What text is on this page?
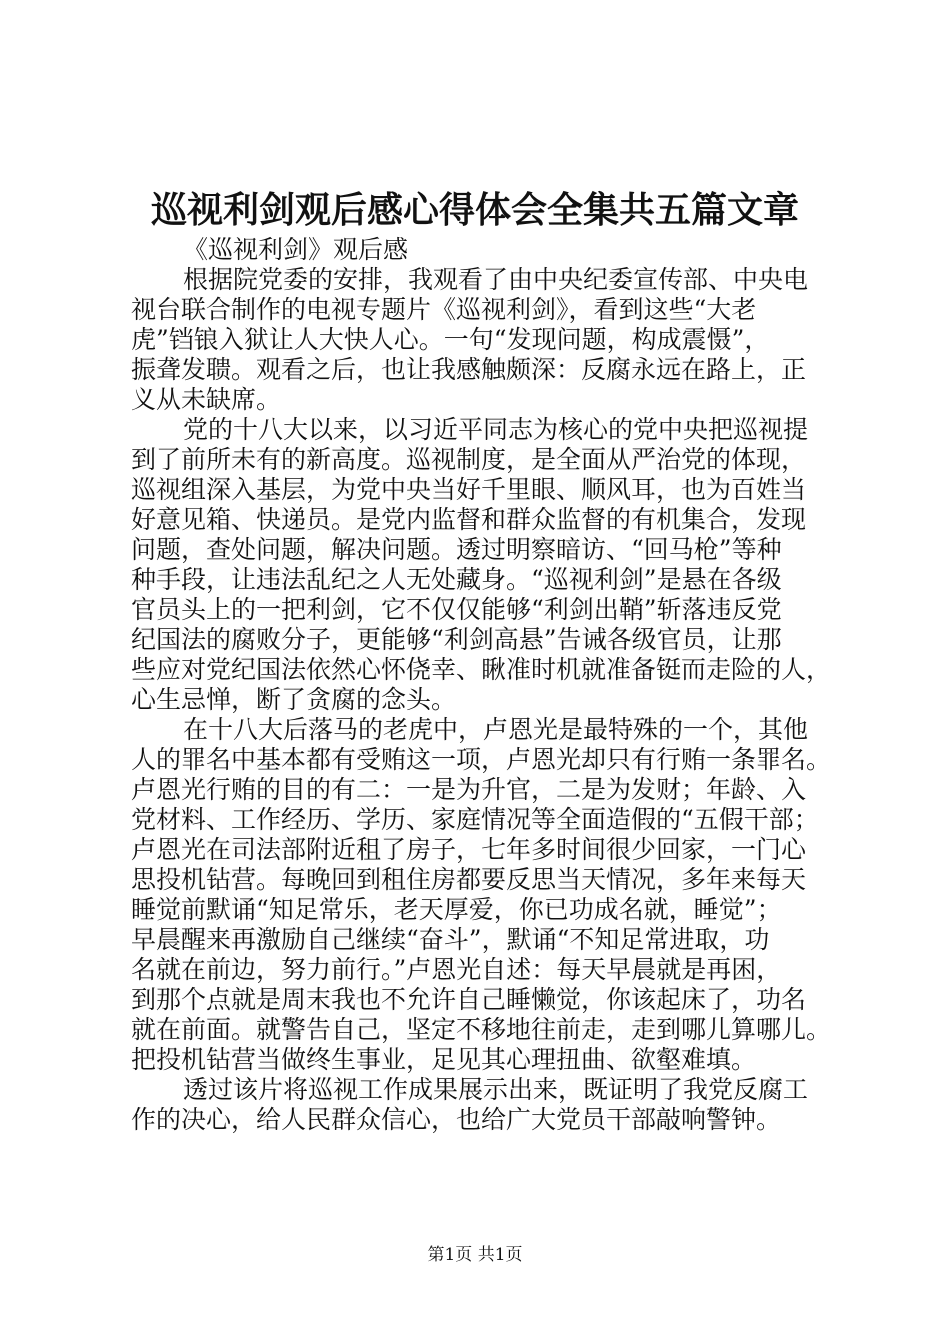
巡视利剑观后感心得体会全集共五篇文章
《巡视利剑》观后感
根据院党委的安排，我观看了由中央纪委宣传部、中央电
视台联合制作的电视专题片《巡视利剑》，看到这些“大老
虎”铛锒入狱让人大快人心。一句“发现问题，构成震慑”，
振聋发聩。观看之后，也让我感触颇深：反腐永远在路上，正
义从未缺席。
党的十八大以来，以习近平同志为核心的党中央把巡视提
到了前所未有的新高度。巡视制度，是全面从严治党的体现，
巡视组深入基层，为党中央当好千里眼、顺风耳，也为百姓当
好意见箱、快递员。是党内监督和群众监督的有机集合，发现
问题，查处问题，解决问题。透过明察暗访、“回马枪”等种
种手段，让违法乱纪之人无处藏身。“巡视利剑”是悬在各级
官员头上的一把利剑，它不仅仅能够“利剑出鞘”斩落违反党
纪国法的腐败分子，更能够“利剑高悬”告诫各级官员，让那
些应对党纪国法依然心怀侥幸、瞅准时机就准备铤而走险的人，
心生忌惮，断了贪腐的念头。
在十八大后落马的老虎中，卢恩光是最特殊的一个，其他
人的罪名中基本都有受贿这一项，卢恩光却只有行贿一条罪名。
卢恩光行贿的目的有二：一是为升官，二是为发财；年龄、入
党材料、工作经历、学历、家庭情况等全面造假的“五假干部；
卢恩光在司法部附近租了房子，七年多时间很少回家，一门心
思投机钻营。每晚回到租住房都要反思当天情况，多年来每天
睡觉前默诵“知足常乐，老天厚爱，你已功成名就，睡觉”；
早晨醒来再激励自己继续“奋斗”，默诵“不知足常进取，功
名就在前边，努力前行。”卢恩光自述：每天早晨就是再困，
到那个点就是周末我也不允许自己睡懒觉，你该起床了，功名
就在前面。就警告自己，坚定不移地往前走，走到哪儿算哪儿。
把投机钻营当做终生事业，足见其心理扭曲、欲壑难填。
透过该片将巡视工作成果展示出来，既证明了我党反腐工
作的决心，给人民群众信心，也给广大党员干部敲响警钟。
第1页 共1页
